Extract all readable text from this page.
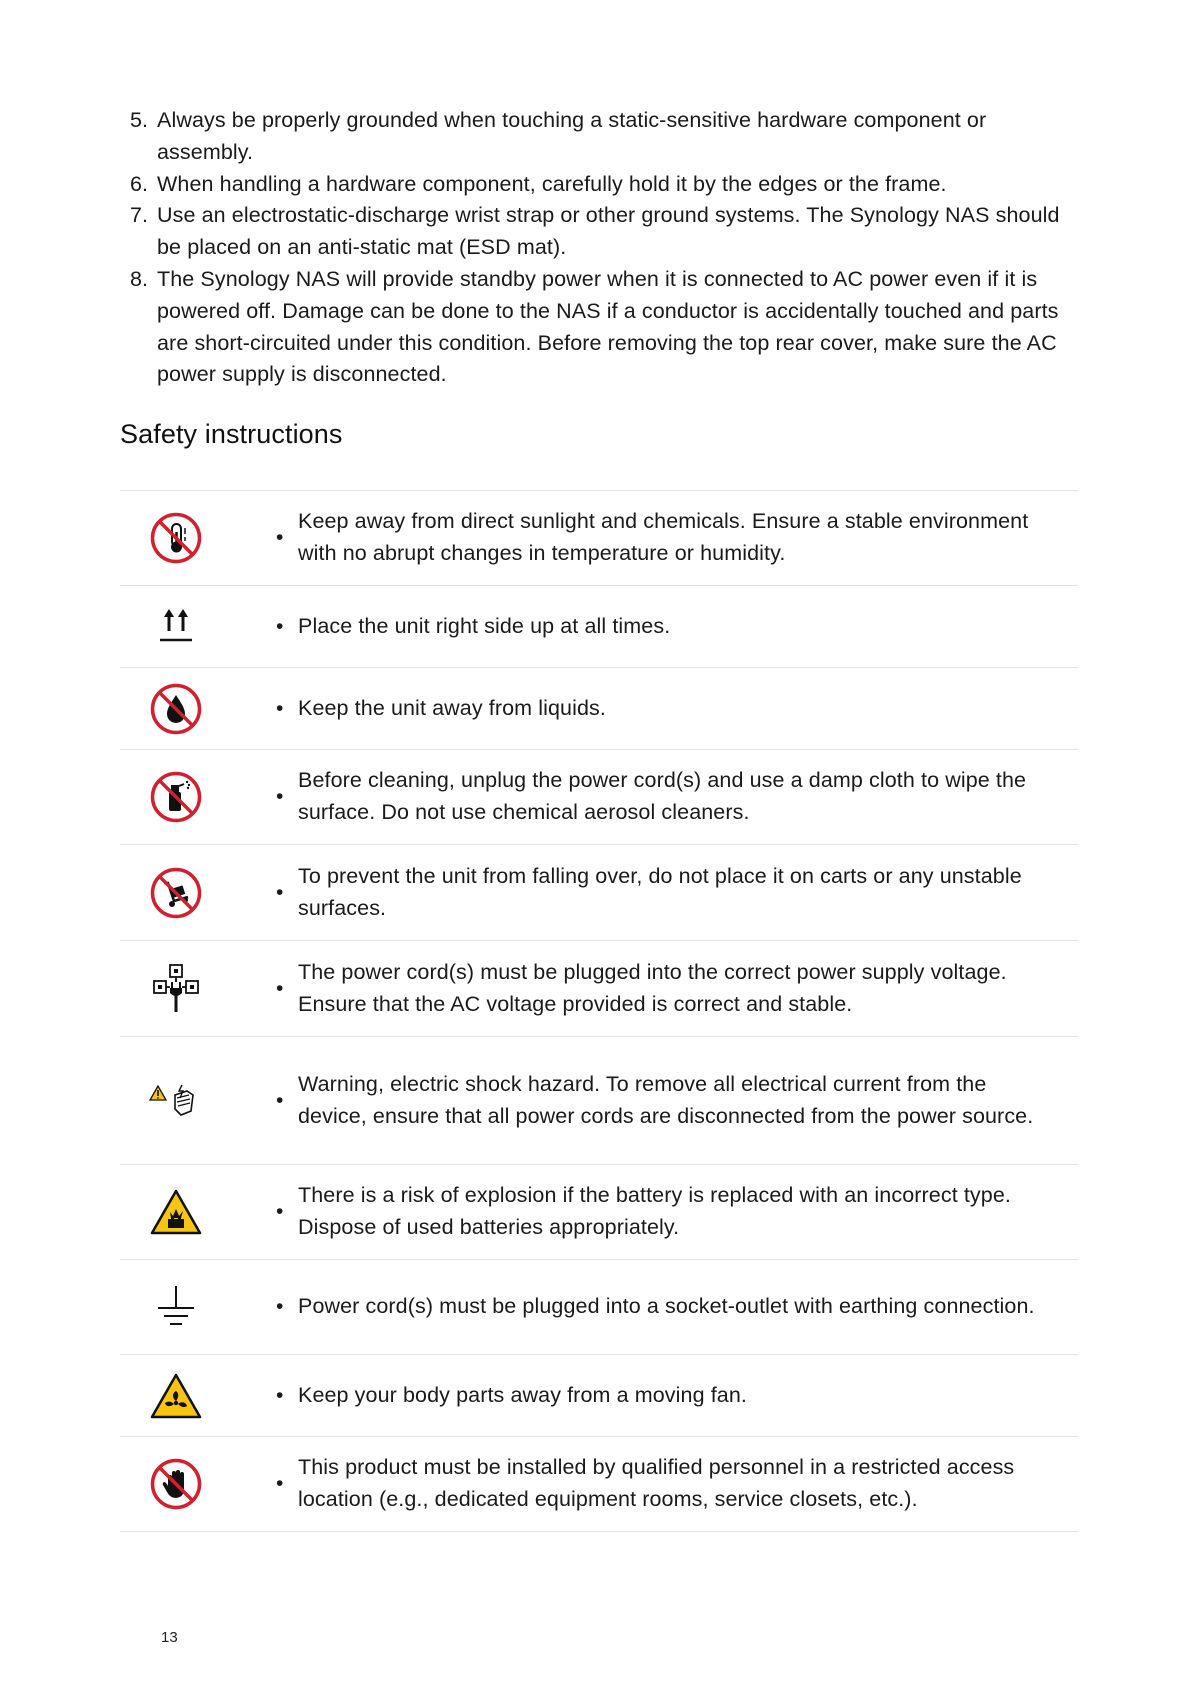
5. Always be properly grounded when touching a static-sensitive hardware component or assembly.
6. When handling a hardware component, carefully hold it by the edges or the frame.
7. Use an electrostatic-discharge wrist strap or other ground systems. The Synology NAS should be placed on an anti-static mat (ESD mat).
8. The Synology NAS will provide standby power when it is connected to AC power even if it is powered off. Damage can be done to the NAS if a conductor is accidentally touched and parts are short-circuited under this condition. Before removing the top rear cover, make sure the AC power supply is disconnected.
Safety instructions
•
Keep away from direct sunlight and chemicals. Ensure a stable environment with no abrupt changes in temperature or humidity.
• Place the unit right side up at all times.
• Keep the unit away from liquids.
•
Before cleaning, unplug the power cord(s) and use a damp cloth to wipe the surface. Do not use chemical aerosol cleaners.
•
To prevent the unit from falling over, do not place it on carts or any unstable surfaces.
•
The power cord(s) must be plugged into the correct power supply voltage. Ensure that the AC voltage provided is correct and stable.
•
Warning, electric shock hazard. To remove all electrical current from the device, ensure that all power cords are disconnected from the power source.
•
There is a risk of explosion if the battery is replaced with an incorrect type. Dispose of used batteries appropriately.
• Power cord(s) must be plugged into a socket-outlet with earthing connection.
• Keep your body parts away from a moving fan.
•
This product must be installed by qualified personnel in a restricted access location (e.g., dedicated equipment rooms, service closets, etc.).
13
